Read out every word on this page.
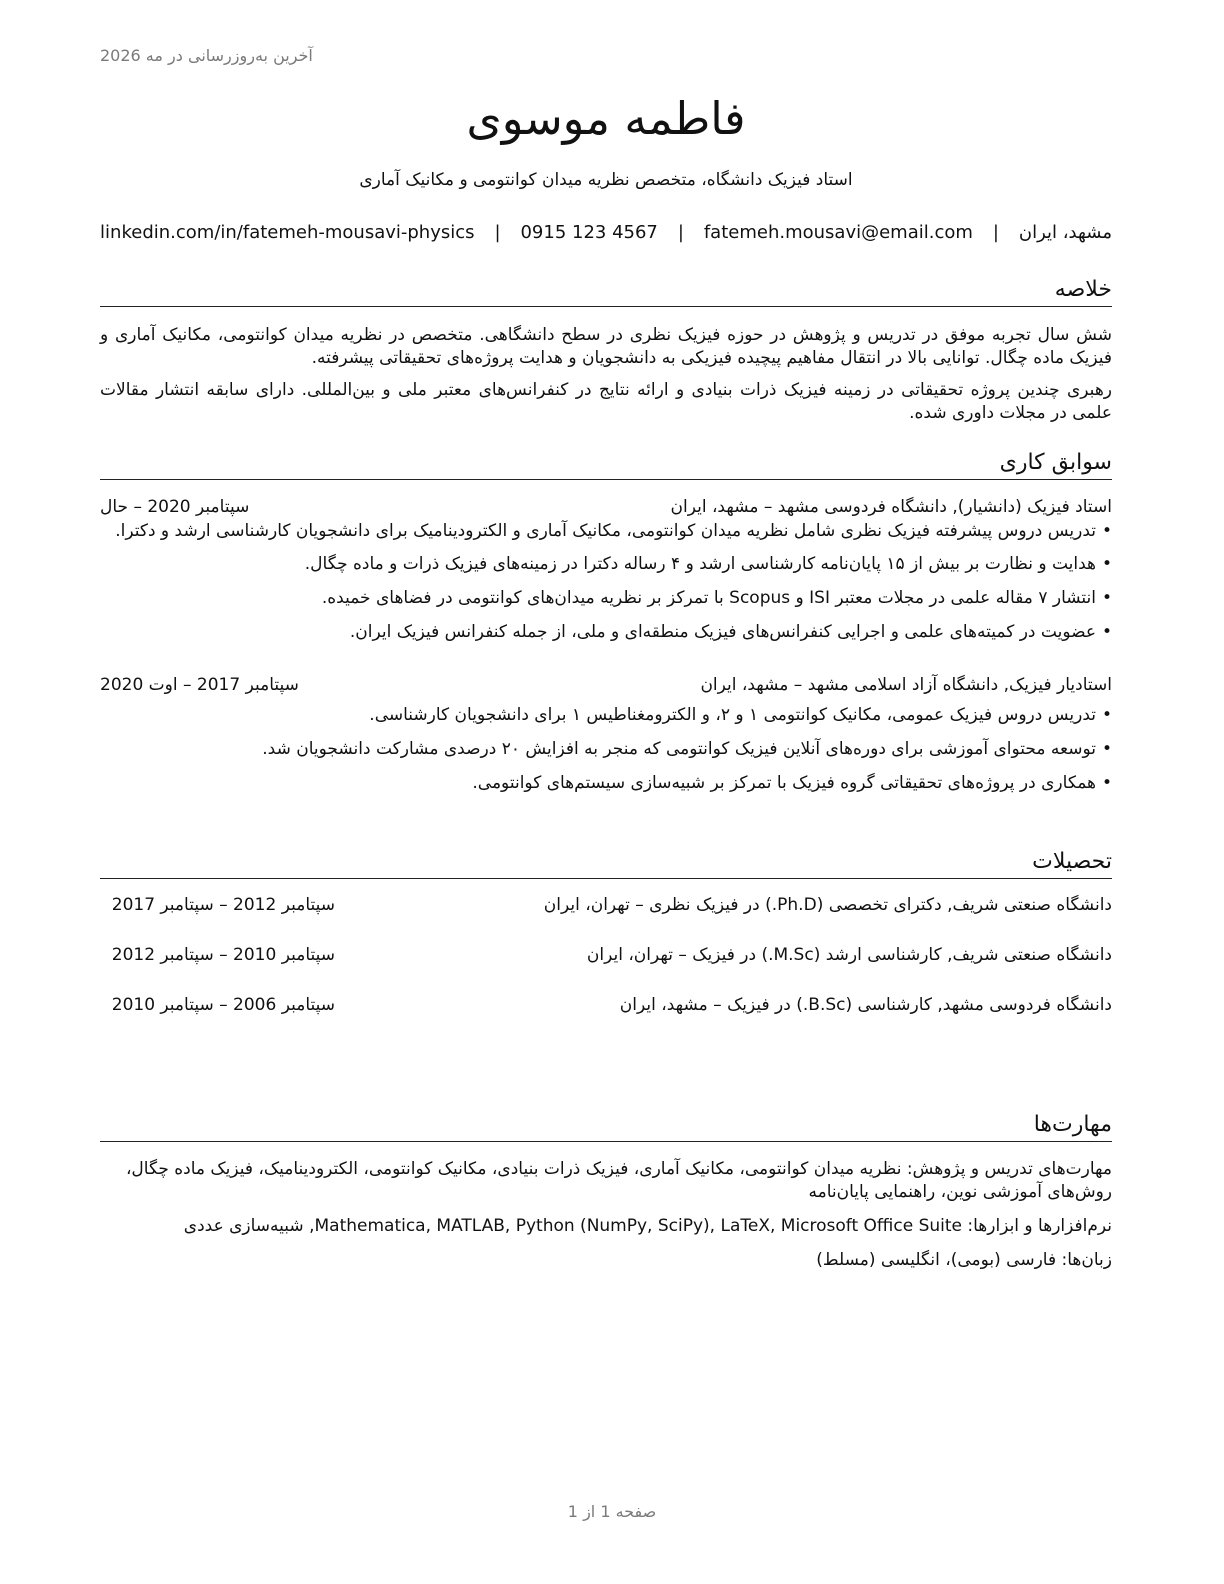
آخرین به‌روزرسانی در مه 2026
فاطمه موسوی
استاد فیزیک دانشگاه، متخصص نظریه میدان کوانتومی و مکانیک آماری
مشهد، ایران
|
fatemeh.mousavi@email.com
|
0915 123 4567
|
linkedin.com/in/fatemeh-mousavi-physics
خلاصه

شش سال تجربه موفق در تدریس و پژوهش در حوزه فیزیک نظری در سطح دانشگاهی. متخصص در نظریه میدان کوانتومی، مکانیک آماری و فیزیک ماده چگال. توانایی بالا در انتقال مفاهیم پیچیده فیزیکی به دانشجویان و هدایت پروژه‌های تحقیقاتی پیشرفته.

رهبری چندین پروژه تحقیقاتی در زمینه فیزیک ذرات بنیادی و ارائه نتایج در کنفرانس‌های معتبر ملی و بین‌المللی. دارای سابقه انتشار مقالات علمی در مجلات داوری شده.

سوابق کاری
استاد فیزیک (دانشیار), دانشگاه فردوسی مشهد – مشهد، ایران
سپتامبر 2020 – حال
• تدریس دروس پیشرفته فیزیک نظری شامل نظریه میدان کوانتومی، مکانیک آماری و الکترودینامیک برای دانشجویان کارشناسی ارشد و دکترا.
• هدایت و نظارت بر بیش از ۱۵ پایان‌نامه کارشناسی ارشد و ۴ رساله دکترا در زمینه‌های فیزیک ذرات و ماده چگال.
• انتشار ۷ مقاله علمی در مجلات معتبر ISI و Scopus با تمرکز بر نظریه میدان‌های کوانتومی در فضاهای خمیده.
• عضویت در کمیته‌های علمی و اجرایی کنفرانس‌های فیزیک منطقه‌ای و ملی، از جمله کنفرانس فیزیک ایران.
استادیار فیزیک, دانشگاه آزاد اسلامی مشهد – مشهد، ایران
سپتامبر 2017 – اوت 2020
• تدریس دروس فیزیک عمومی، مکانیک کوانتومی ۱ و ۲، و الکترومغناطیس ۱ برای دانشجویان کارشناسی.
• توسعه محتوای آموزشی برای دوره‌های آنلاین فیزیک کوانتومی که منجر به افزایش ۲۰ درصدی مشارکت دانشجویان شد.
• همکاری در پروژه‌های تحقیقاتی گروه فیزیک با تمرکز بر شبیه‌سازی سیستم‌های کوانتومی.
تحصیلات
دانشگاه صنعتی شریف, دکترای تخصصی (Ph.D.) در فیزیک نظری – تهران، ایران
سپتامبر 2012 – سپتامبر 2017
دانشگاه صنعتی شریف, کارشناسی ارشد (M.Sc.) در فیزیک – تهران، ایران
سپتامبر 2010 – سپتامبر 2012
دانشگاه فردوسی مشهد, کارشناسی (B.Sc.) در فیزیک – مشهد، ایران
سپتامبر 2006 – سپتامبر 2010
مهارت‌ها

مهارت‌های تدریس و پژوهش: نظریه میدان کوانتومی، مکانیک آماری، فیزیک ذرات بنیادی، مکانیک کوانتومی، الکترودینامیک، فیزیک ماده چگال، روش‌های آموزشی نوین، راهنمایی پایان‌نامه

نرم‌افزارها و ابزارها: Mathematica, MATLAB, Python (NumPy, SciPy), LaTeX, Microsoft Office Suite, شبیه‌سازی عددی

زبان‌ها: فارسی (بومی)، انگلیسی (مسلط)

صفحه 1 از 1
